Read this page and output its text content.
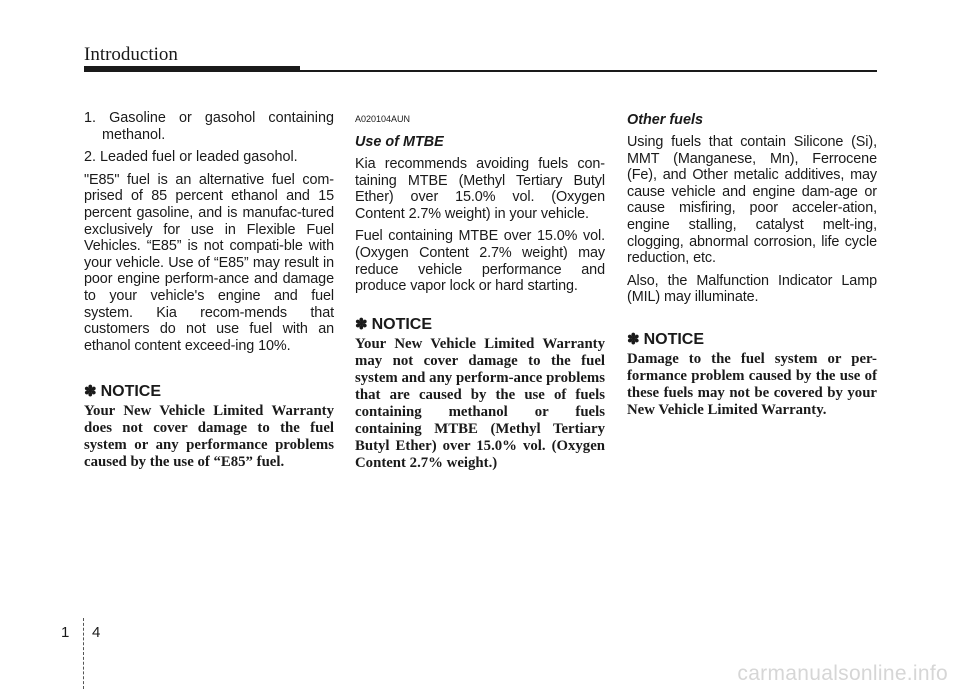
Introduction
1. Gasoline or gasohol containing methanol.
2. Leaded fuel or leaded gasohol.

"E85" fuel is an alternative fuel com-prised of 85 percent ethanol and 15 percent gasoline, and is manufac-tured exclusively for use in Flexible Fuel Vehicles. “E85” is not compati-ble with your vehicle. Use of “E85” may result in poor engine perform-ance and damage to your vehicle's engine and fuel system. Kia recom-mends that customers do not use fuel with an ethanol content exceed-ing 10%.

✽ NOTICE

Your New Vehicle Limited Warranty does not cover damage to the fuel system or any performance problems caused by the use of “E85” fuel.

A020104AUN
Use of MTBE

Kia recommends avoiding fuels con-taining MTBE (Methyl Tertiary Butyl Ether) over 15.0% vol. (Oxygen Content 2.7% weight) in your vehicle.

Fuel containing MTBE over 15.0% vol. (Oxygen Content 2.7% weight) may reduce vehicle performance and produce vapor lock or hard starting.

✽ NOTICE

Your New Vehicle Limited Warranty may not cover damage to the fuel system and any perform-ance problems that are caused by the use of fuels containing methanol or fuels containing MTBE (Methyl Tertiary Butyl Ether) over 15.0% vol. (Oxygen Content 2.7% weight.)

Other fuels

Using fuels that contain Silicone (Si), MMT (Manganese, Mn), Ferrocene (Fe), and Other metalic additives, may cause vehicle and engine dam-age or cause misfiring, poor acceler-ation, engine stalling, catalyst melt-ing, clogging, abnormal corrosion, life cycle reduction, etc.

Also, the Malfunction Indicator Lamp (MIL) may illuminate.

✽ NOTICE

Damage to the fuel system or per-formance problem caused by the use of these fuels may not be covered by your New Vehicle Limited Warranty.

1 4
carmanualsonline.info
